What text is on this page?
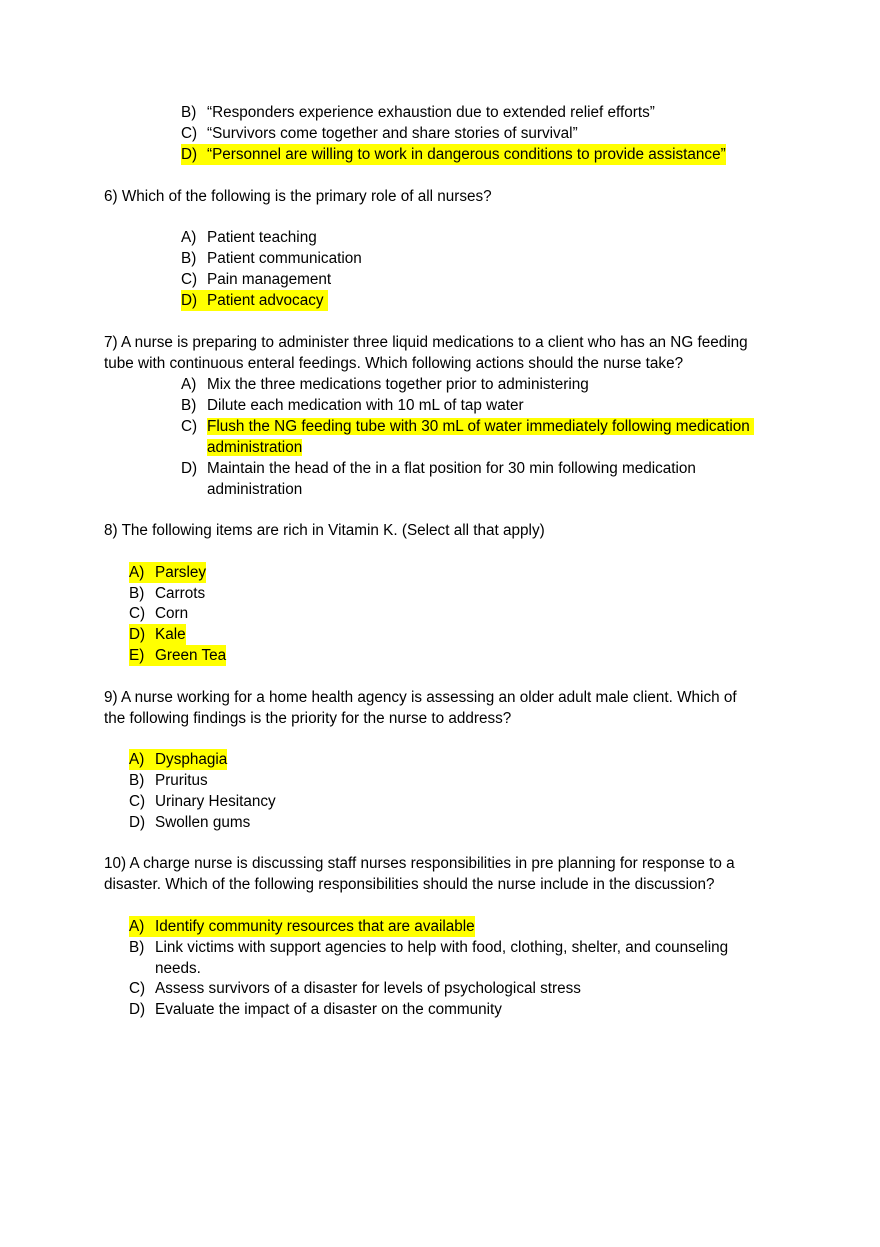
B) “Responders experience exhaustion due to extended relief efforts”
C) “Survivors come together and share stories of survival”
D) “Personnel are willing to work in dangerous conditions to provide assistance”
6) Which of the following is the primary role of all nurses?
A) Patient teaching
B) Patient communication
C) Pain management
D) Patient advocacy
7) A nurse is preparing to administer three liquid medications to a client who has an NG feeding
tube with continuous enteral feedings. Which following actions should the nurse take?
A) Mix the three medications together prior to administering
B) Dilute each medication with 10 mL of tap water
C) Flush the NG feeding tube with 30 mL of water immediately following medication
administration
D) Maintain the head of the in a flat position for 30 min following medication
administration
8) The following items are rich in Vitamin K. (Select all that apply)
A) Parsley
B) Carrots
C) Corn
D) Kale
E) Green Tea
9) A nurse working for a home health agency is assessing an older adult male client. Which of
the following findings is the priority for the nurse to address?
A) Dysphagia
B) Pruritus
C) Urinary Hesitancy
D) Swollen gums
10) A charge nurse is discussing staff nurses responsibilities in pre planning for response to a
disaster. Which of the following responsibilities should the nurse include in the discussion?
A) Identify community resources that are available
B) Link victims with support agencies to help with food, clothing, shelter, and counseling
needs.
C) Assess survivors of a disaster for levels of psychological stress
D) Evaluate the impact of a disaster on the community
